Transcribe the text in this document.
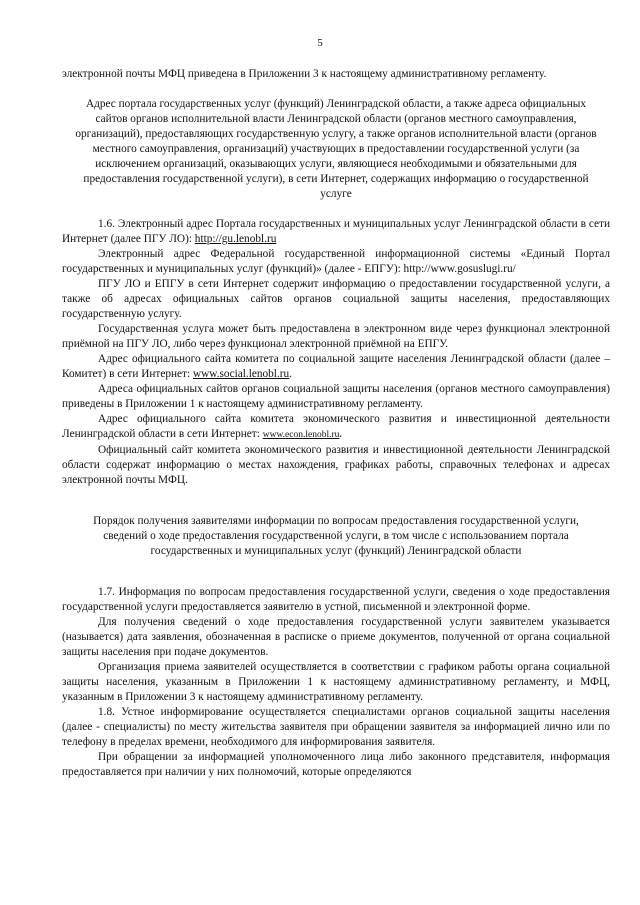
5

электронной почты МФЦ приведена в Приложении 3 к настоящему административному регламенту.

Адрес портала государственных услуг (функций) Ленинградской области, а также адреса официальных сайтов органов исполнительной власти Ленинградской области (органов местного самоуправления, организаций), предоставляющих государственную услугу, а также органов исполнительной власти (органов местного самоуправления, организаций) участвующих в предоставлении государственной услуги (за исключением организаций, оказывающих услуги, являющиеся необходимыми и обязательными для предоставления государственной услуги), в сети Интернет, содержащих информацию о государственной услуге

1.6. Электронный адрес Портала государственных и муниципальных услуг Ленинградской области в сети Интернет (далее ПГУ ЛО): http://gu.lenobl.ru

Электронный адрес Федеральной государственной информационной системы «Единый Портал государственных и муниципальных услуг (функций)» (далее - ЕПГУ): http://www.gosuslugi.ru/

ПГУ ЛО и ЕПГУ в сети Интернет содержит информацию о предоставлении государственной услуги, а также об адресах официальных сайтов органов социальной защиты населения, предоставляющих государственную услугу.

Государственная услуга может быть предоставлена в электронном виде через функционал электронной приёмной на ПГУ ЛО, либо через функционал электронной приёмной на ЕПГУ.

Адрес официального сайта комитета по социальной защите населения Ленинградской области (далее – Комитет) в сети Интернет: www.social.lenobl.ru.

Адреса официальных сайтов органов социальной защиты населения (органов местного самоуправления) приведены в Приложении 1 к настоящему административному регламенту.

Адрес официального сайта комитета экономического развития и инвестиционной деятельности Ленинградской области в сети Интернет: www.econ.lenobl.ru.

Официальный сайт комитета экономического развития и инвестиционной деятельности Ленинградской области содержат информацию о местах нахождения, графиках работы, справочных телефонах и адресах электронной почты МФЦ.

Порядок получения заявителями информации по вопросам предоставления государственной услуги, сведений о ходе предоставления государственной услуги, в том числе с использованием портала государственных и муниципальных услуг (функций) Ленинградской области

1.7. Информация по вопросам предоставления государственной услуги, сведения о ходе предоставления государственной услуги предоставляется заявителю в устной, письменной и электронной форме.

Для получения сведений о ходе предоставления государственной услуги заявителем указывается (называется) дата заявления, обозначенная в расписке о приеме документов, полученной от органа социальной защиты населения при подаче документов.

Организация приема заявителей осуществляется в соответствии с графиком работы органа социальной защиты населения, указанным в Приложении 1 к настоящему административному регламенту, и МФЦ, указанным в Приложении 3 к настоящему административному регламенту.

1.8. Устное информирование осуществляется специалистами органов социальной защиты населения (далее - специалисты) по месту жительства заявителя при обращении заявителя за информацией лично или по телефону в пределах времени, необходимого для информирования заявителя.

При обращении за информацией уполномоченного лица либо законного представителя, информация предоставляется при наличии у них полномочий, которые определяются
